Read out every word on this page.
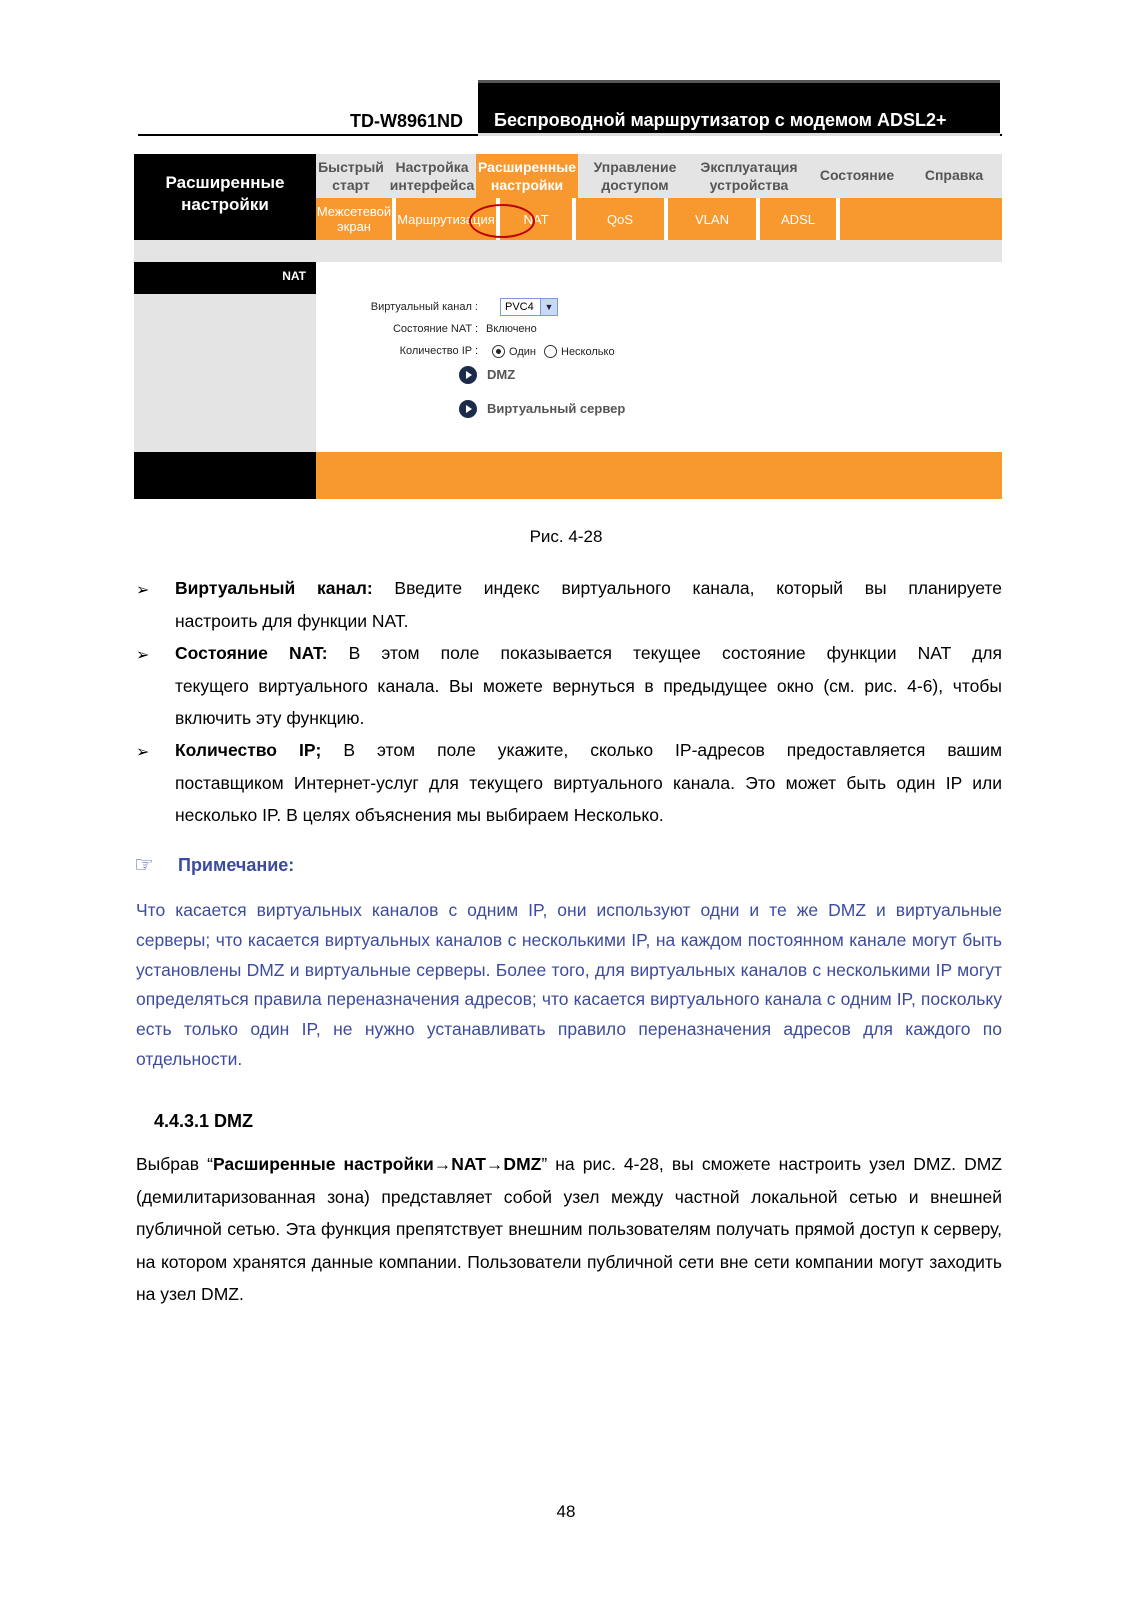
TD-W8961ND Беспроводной маршрутизатор с модемом ADSL2+
Расширенные
настройки
Быстрый
старт
Настройка
интерфейса
Расширенные
настройки
Управление
доступом
Эксплуатация
устройства
Состояние	Справка
Межсетевой
экран	Маршрутизация	NAT	QoS	VLAN	ADSL
NAT
Виртуальный канал :	PVC4	▼
Состояние NAT : Включено
Количество IP :	Один Несколько
DMZ
Виртуальный сервер
Рис. 4-28
➢ Виртуальный канал: Введите индекс виртуального канала, который вы планируете
настроить для функции NAT.
➢ Состояние NAT: В этом поле показывается текущее состояние функции NAT для
текущего виртуального канала. Вы можете вернуться в предыдущее окно (см. рис. 4-6), чтобы включить эту функцию.
➢ Количество IP; В этом поле укажите, сколько IP-адресов предоставляется вашим
поставщиком Интернет-услуг для текущего виртуального канала. Это может быть один IP или несколько IP. В целях объяснения мы выбираем Несколько.
☞ Примечание:
Что касается виртуальных каналов с одним IP, они используют одни и те же DMZ и виртуальные серверы; что касается виртуальных каналов с несколькими IP, на каждом постоянном канале могут быть установлены DMZ и виртуальные серверы. Более того, для виртуальных каналов с несколькими IP могут определяться правила переназначения адресов; что касается виртуального канала с одним IP, поскольку есть только один IP, не нужно устанавливать правило переназначения адресов для каждого по отдельности.
4.4.3.1 DMZ
Выбрав “Расширенные настройки→NAT→DMZ” на рис. 4-28, вы сможете настроить узел DMZ. DMZ (демилитаризованная зона) представляет собой узел между частной локальной сетью и внешней публичной сетью. Эта функция препятствует внешним пользователям получать прямой доступ к серверу, на котором хранятся данные компании. Пользователи публичной сети вне сети компании могут заходить на узел DMZ.
48
